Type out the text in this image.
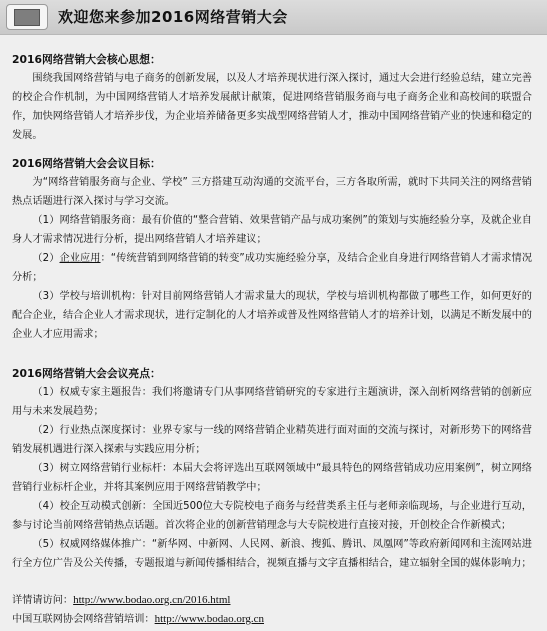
欢迎您来参加2016网络营销大会
2016网络营销大会核心思想：
围绕我国网络营销与电子商务的创新发展，以及人才培养现状进行深入探讨，通过大会进行经验总结，建立完善的校企合作机制，为中国网络营销人才培养发展献计献策，促进网络营销服务商与电子商务企业和高校间的联盟合作，加快网络营销人才培养步伐，为企业培养储备更多实战型网络营销人才，推动中国网络营销产业的快速和稳定的发展。
2016网络营销大会会议目标：
为“网络营销服务商与企业、学校” 三方搭建互动沟通的交流平台，三方各取所需，就时下共同关注的网络营销热点话题进行深入探讨与学习交流。
（1）网络营销服务商：最有价值的“整合营销、效果营销产品与成功案例”的策划与实施经验分享，及就企业自身人才需求情况进行分析，提出网络营销人才培养建议；
（2）企业应用：“传统营销到网络营销的转变”成功实施经验分享，及结合企业自身进行网络营销人才需求情况分析；
（3）学校与培训机构：针对目前网络营销人才需求量大的现状，学校与培训机构都做了哪些工作，如何更好的配合企业，结合企业人才需求现状，进行定制化的人才培养或普及性网络营销人才的培养计划，以满足不断发展中的企业人才应用需求；
2016网络营销大会会议亮点：
（1）权威专家主题报告：我们将邀请专门从事网络营销研究的专家进行主题演讲，深入剖析网络营销的创新应用与未来发展趋势；
（2）行业热点深度探讨：业界专家与一线的网络营销企业精英进行面对面的交流与探讨，对新形势下的网络营销发展机遇进行深入探索与实践应用分析；
（3）树立网络营销行业标杆：本届大会将评选出互联网领域中“最具特色的网络营销成功应用案例”，树立网络营销行业标杆企业，并将其案例应用于网络营销教学中；
（4）校企互动模式创新：全国近500位大专院校电子商务与经营类系主任与老师亲临现场，与企业进行互动，参与讨论当前网络营销热点话题。首次将企业的创新营销理念与大专院校进行直接对接，开创校企合作新模式；
（5）权威网络媒体推广：“新华网、中新网、人民网、新浪、搜狐、腾讯、凤凰网”等政府新闻网和主流网站进行全方位广告及公关传播，专题报道与新闻传播相结合，视频直播与文字直播相结合，建立辐射全国的媒体影响力；
详情请访问：http://www.bodao.org.cn/2016.html
中国互联网协会网络营销培训：http://www.bodao.org.cn
